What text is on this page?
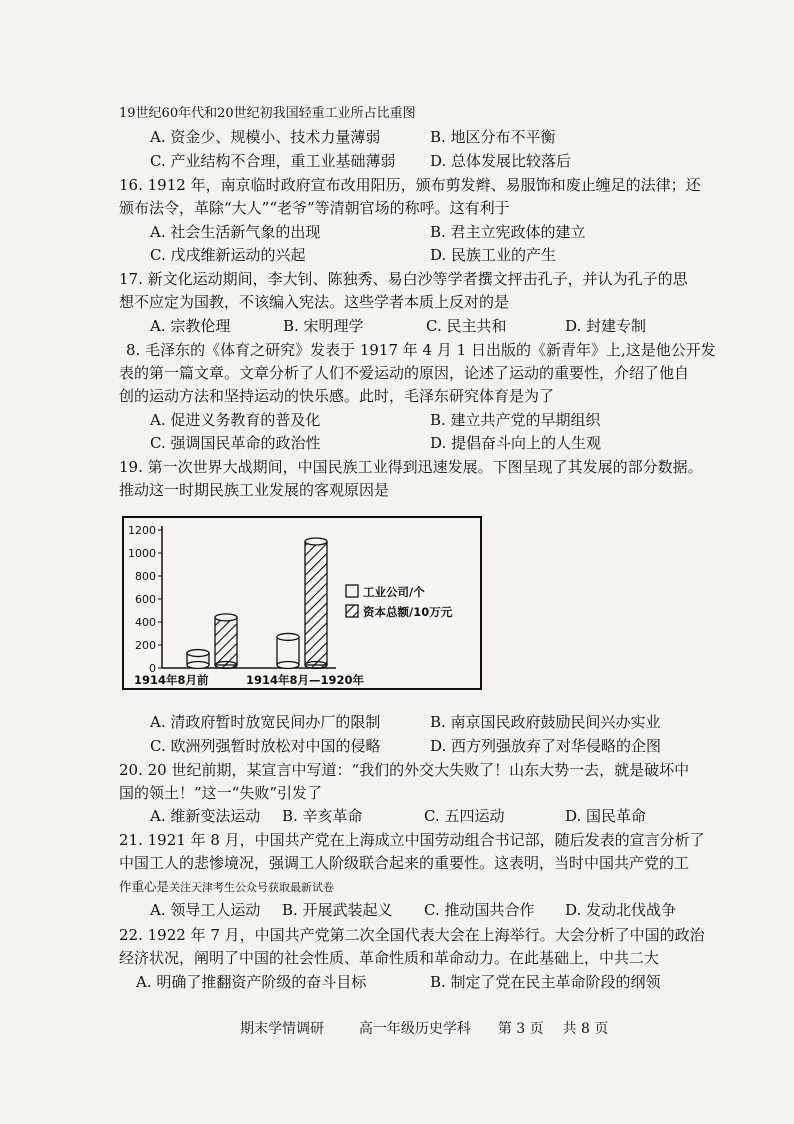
19世纪60年代和20世纪初我国轻重工业所占比重图
A. 资金少、规模小、技术力量薄弱	B. 地区分布不平衡
C. 产业结构不合理，重工业基础薄弱 D. 总体发展比较落后
16. 1912 年，南京临时政府宣布改用阳历，颁布剪发辫、易服饰和废止缠足的法律；还
颁布法令，革除“大人”“老爷”等清朝官场的称呼。这有利于
A. 社会生活新气象的出现	B. 君主立宪政体的建立
C. 戊戌维新运动的兴起	D. 民族工业的产生
17. 新文化运动期间，李大钊、陈独秀、易白沙等学者撰文抨击孔子，并认为孔子的思
想不应定为国教，不该编入宪法。这些学者本质上反对的是
A. 宗教伦理	B. 宋明理学	C. 民主共和	D. 封建专制
8. 毛泽东的《体育之研究》发表于 1917 年 4 月 1 日出版的《新青年》上,这是他公开发
表的第一篇文章。文章分析了人们不爱运动的原因，论述了运动的重要性，介绍了他自
创的运动方法和坚持运动的快乐感。此时，毛泽东研究体育是为了
A. 促进义务教育的普及化	B. 建立共产党的早期组织
C. 强调国民革命的政治性	D. 提倡奋斗向上的人生观
19. 第一次世界大战期间，中国民族工业得到迅速发展。下图呈现了其发展的部分数据。
推动这一时期民族工业发展的客观原因是
1200
1000
800
600
400
200
0
1914年8月前	1914年8月—1920年
工业公司/个
资本总额/10万元
A. 清政府暂时放宽民间办厂的限制	B. 南京国民政府鼓励民间兴办实业
C. 欧洲列强暂时放松对中国的侵略	D. 西方列强放弃了对华侵略的企图
20. 20 世纪前期，某宣言中写道：“我们的外交大失败了！山东大势一去，就是破坏中
国的领土！”这一“失败”引发了
A. 维新变法运动 B. 辛亥革命	C. 五四运动	D. 国民革命
21. 1921 年 8 月，中国共产党在上海成立中国劳动组合书记部，随后发表的宣言分析了
中国工人的悲惨境况，强调工人阶级联合起来的重要性。这表明，当时中国共产党的工
作重心是关注天津考生公众号获取最新试卷
A. 领导工人运动 B. 开展武装起义 C. 推动国共合作 D. 发动北伐战争
22. 1922 年 7 月，中国共产党第二次全国代表大会在上海举行。大会分析了中国的政治
经济状况，阐明了中国的社会性质、革命性质和革命动力。在此基础上，中共二大
A. 明确了推翻资产阶级的奋斗目标	B. 制定了党在民主革命阶段的纲领
期末学情调研 高一年级历史学科 第 3 页 共 8 页
